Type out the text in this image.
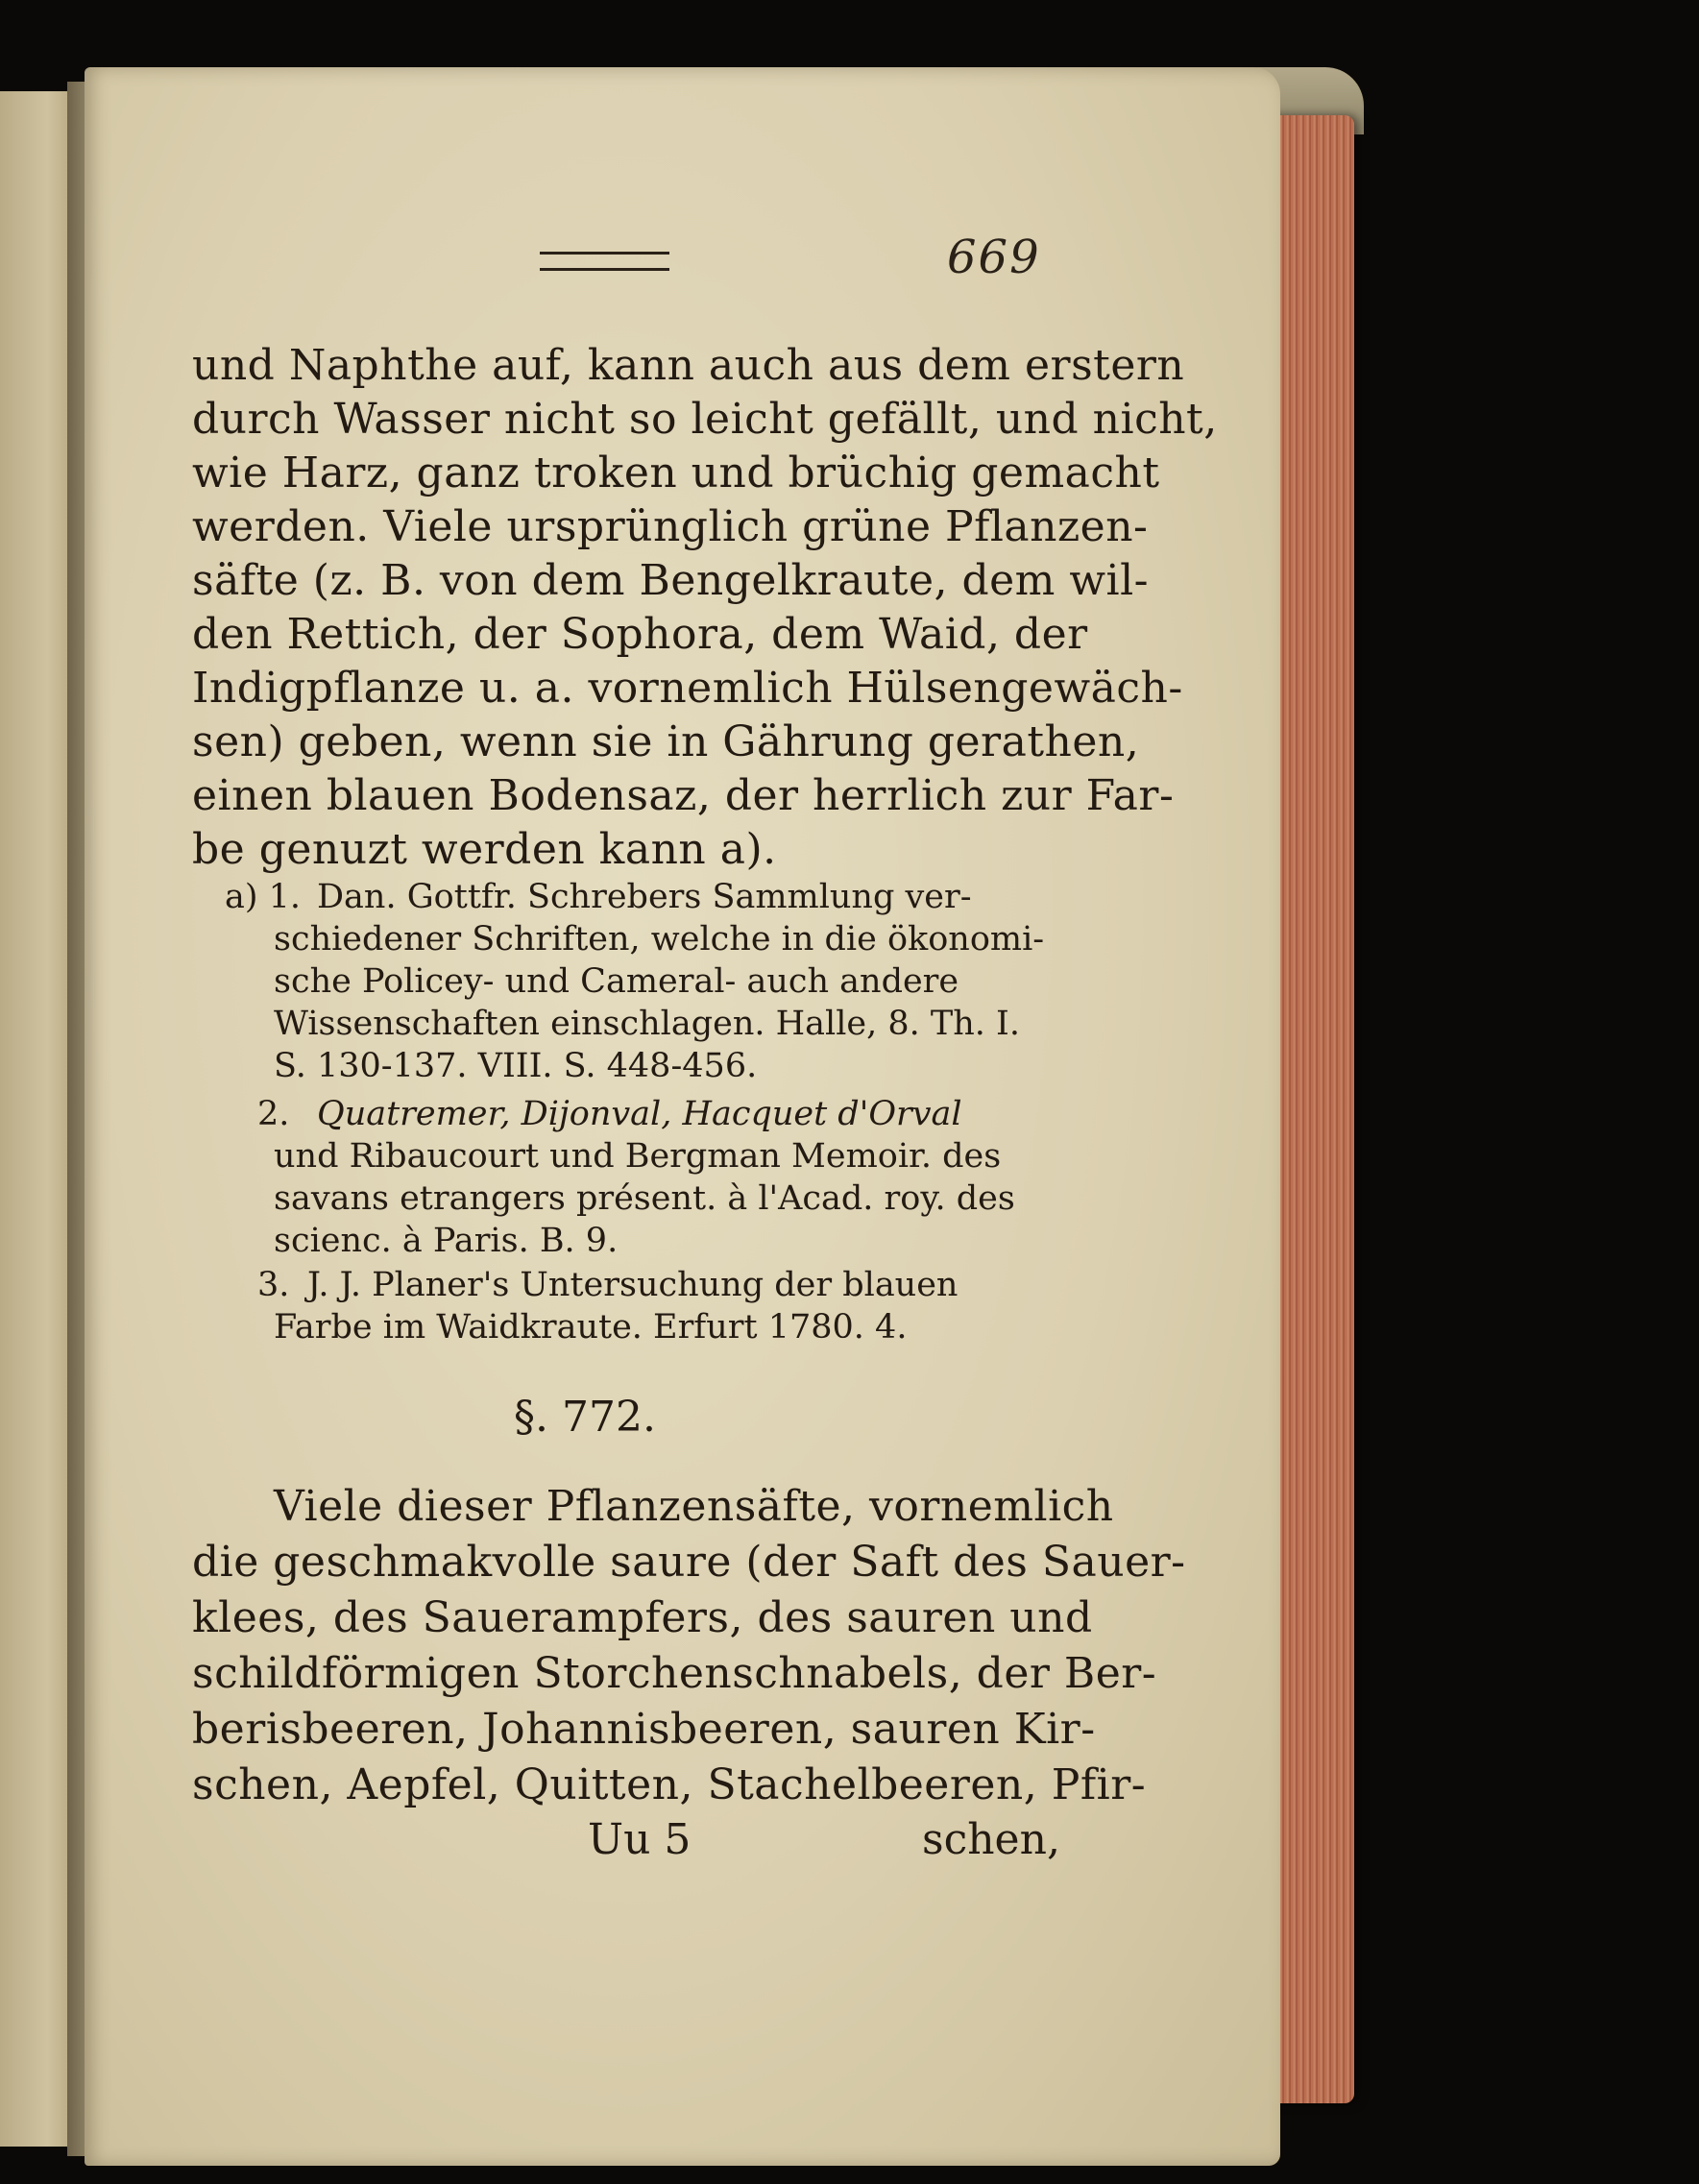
669
und Naphthe auf, kann auch aus dem erstern
durch Wasser nicht so leicht gefällt, und nicht,
wie Harz, ganz troken und brüchig gemacht
werden. Viele ursprünglich grüne Pflanzen-
säfte (z. B. von dem Bengelkraute, dem wil-
den Rettich, der Sophora, dem Waid, der
Indigpflanze u. a. vornemlich Hülsengewäch-
sen) geben, wenn sie in Gährung gerathen,
einen blauen Bodensaz, der herrlich zur Far-
be genuzt werden kann a).
a) 1. Dan. Gottfr. Schrebers Sammlung ver-
schiedener Schriften, welche in die ökonomi-
sche Policey- und Cameral- auch andere
Wissenschaften einschlagen. Halle, 8. Th. I.
S. 130-137. VIII. S. 448-456.
2. Quatremer, Dijonval, Hacquet d'Orval
und Ribaucourt und Bergman Memoir. des
savans etrangers présent. à l'Acad. roy. des
scienc. à Paris. B. 9.
3. J. J. Planer's Untersuchung der blauen
Farbe im Waidkraute. Erfurt 1780. 4.
§. 772.
Viele dieser Pflanzensäfte, vornemlich
die geschmakvolle saure (der Saft des Sauer-
klees, des Sauerampfers, des sauren und
schildförmigen Storchenschnabels, der Ber-
berisbeeren, Johannisbeeren, sauren Kir-
schen, Aepfel, Quitten, Stachelbeeren, Pfir-
Uu 5	schen,
